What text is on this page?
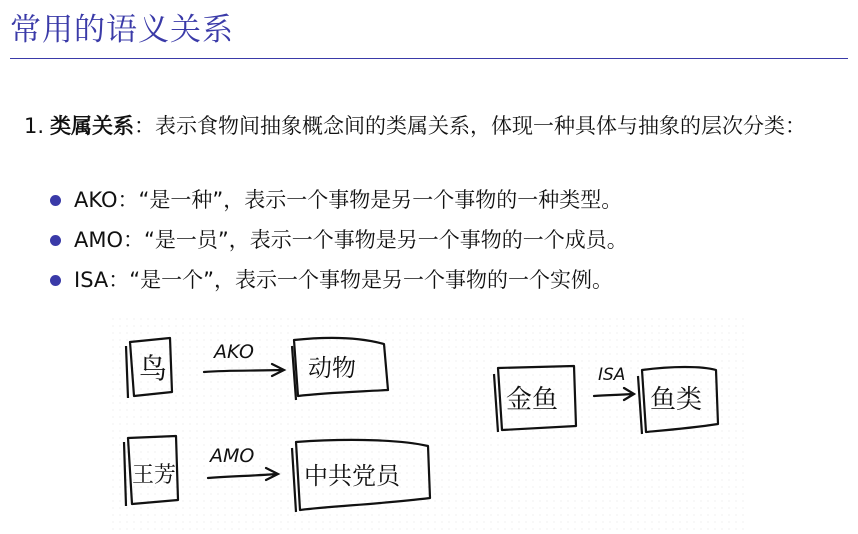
常用的语义关系
1. 类属关系：表示食物间抽象概念间的类属关系，体现一种具体与抽象的层次分类：
AKO：“是一种”，表示一个事物是另一个事物的一种类型。
AMO：“是一员”，表示一个事物是另一个事物的一个成员。
ISA：“是一个”，表示一个事物是另一个事物的一个实例。
鸟 AKO
动物
王芳
AMO
中共党员
金鱼
ISA
鱼类
